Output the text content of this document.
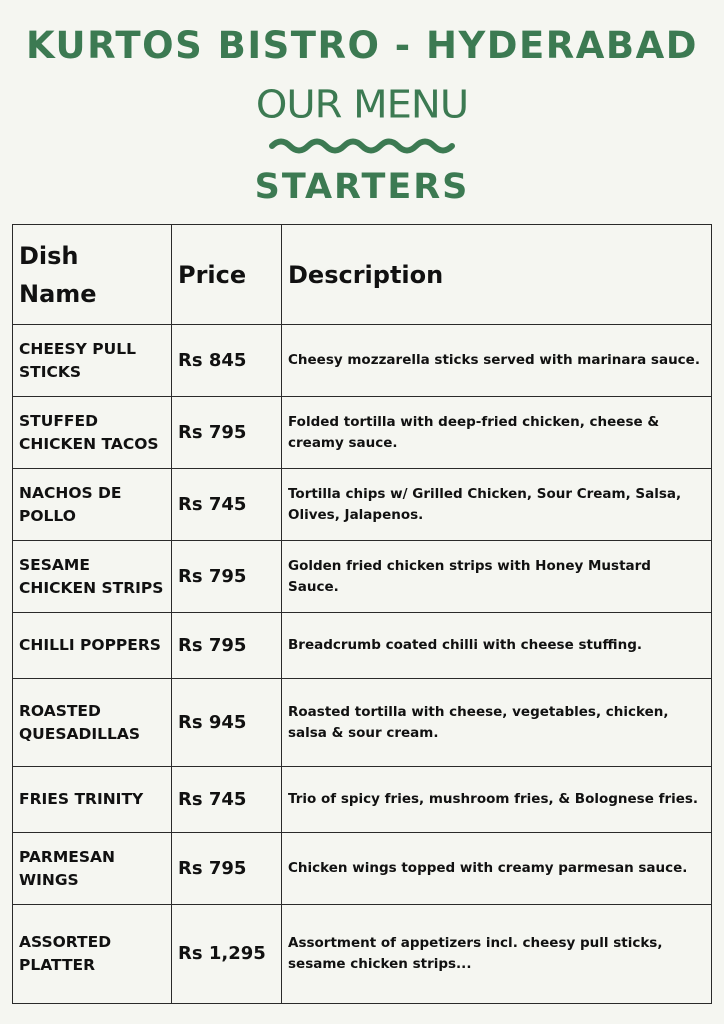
KURTOS BISTRO - HYDERABAD
OUR MENU
STARTERS
Dish Name	Price	Description
CHEESY PULL STICKS	Rs 845	Cheesy mozzarella sticks served with marinara sauce.
STUFFED CHICKEN TACOS	Rs 795	Folded tortilla with deep-fried chicken, cheese & creamy sauce.
NACHOS DE POLLO	Rs 745	Tortilla chips w/ Grilled Chicken, Sour Cream, Salsa, Olives, Jalapenos.
SESAME CHICKEN STRIPS	Rs 795	Golden fried chicken strips with Honey Mustard Sauce.
CHILLI POPPERS	Rs 795	Breadcrumb coated chilli with cheese stuffing.
ROASTED QUESADILLAS	Rs 945	Roasted tortilla with cheese, vegetables, chicken, salsa & sour cream.
FRIES TRINITY	Rs 745	Trio of spicy fries, mushroom fries, & Bolognese fries.
PARMESAN WINGS	Rs 795	Chicken wings topped with creamy parmesan sauce.
ASSORTED PLATTER	Rs 1,295	Assortment of appetizers incl. cheesy pull sticks, sesame chicken strips...
